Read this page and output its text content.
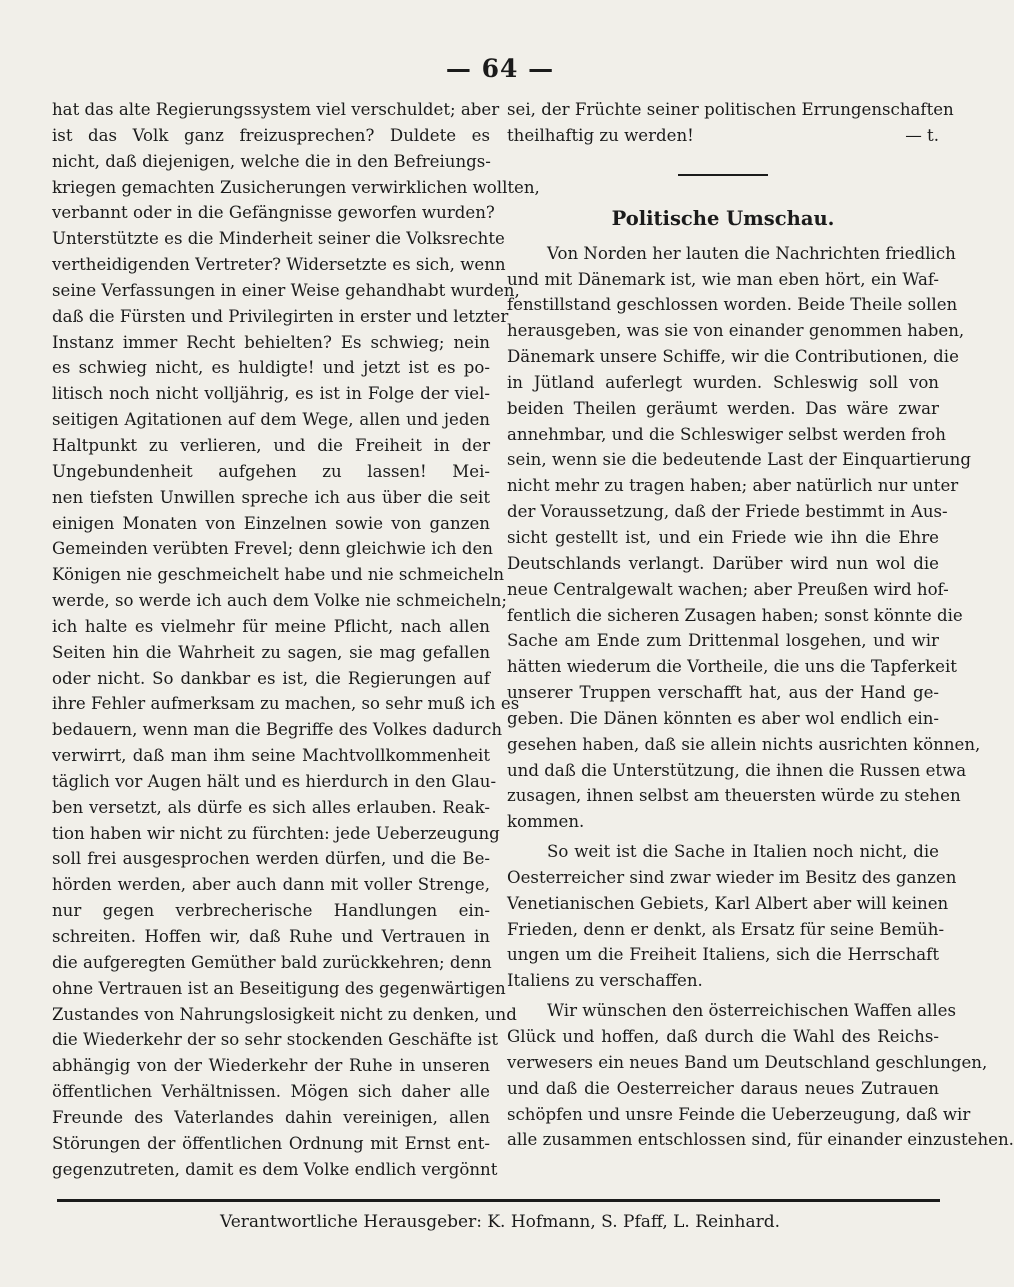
— 64 —

hat das alte Regierungssystem viel verschuldet; aber
ist das Volk ganz freizusprechen? Duldete es
nicht, daß diejenigen, welche die in den Befreiungs-
kriegen gemachten Zusicherungen verwirklichen wollten,
verbannt oder in die Gefängnisse geworfen wurden?
Unterstützte es die Minderheit seiner die Volksrechte
vertheidigenden Vertreter? Widersetzte es sich, wenn
seine Verfassungen in einer Weise gehandhabt wurden,
daß die Fürsten und Privilegirten in erster und letzter
Instanz immer Recht behielten? Es schwieg; nein
es schwieg nicht, es huldigte! und jetzt ist es po-
litisch noch nicht volljährig, es ist in Folge der viel-
seitigen Agitationen auf dem Wege, allen und jeden
Haltpunkt zu verlieren, und die Freiheit in der
Ungebundenheit aufgehen zu lassen! Mei-
nen tiefsten Unwillen spreche ich aus über die seit
einigen Monaten von Einzelnen sowie von ganzen
Gemeinden verübten Frevel; denn gleichwie ich den
Königen nie geschmeichelt habe und nie schmeicheln
werde, so werde ich auch dem Volke nie schmeicheln;
ich halte es vielmehr für meine Pflicht, nach allen
Seiten hin die Wahrheit zu sagen, sie mag gefallen
oder nicht. So dankbar es ist, die Regierungen auf
ihre Fehler aufmerksam zu machen, so sehr muß ich es
bedauern, wenn man die Begriffe des Volkes dadurch
verwirrt, daß man ihm seine Machtvollkommenheit
täglich vor Augen hält und es hierdurch in den Glau-
ben versetzt, als dürfe es sich alles erlauben. Reak-
tion haben wir nicht zu fürchten: jede Ueberzeugung
soll frei ausgesprochen werden dürfen, und die Be-
hörden werden, aber auch dann mit voller Strenge,
nur gegen verbrecherische Handlungen ein-
schreiten. Hoffen wir, daß Ruhe und Vertrauen in
die aufgeregten Gemüther bald zurückkehren; denn
ohne Vertrauen ist an Beseitigung des gegenwärtigen
Zustandes von Nahrungslosigkeit nicht zu denken, und
die Wiederkehr der so sehr stockenden Geschäfte ist
abhängig von der Wiederkehr der Ruhe in unseren
öffentlichen Verhältnissen. Mögen sich daher alle
Freunde des Vaterlandes dahin vereinigen, allen
Störungen der öffentlichen Ordnung mit Ernst ent-
gegenzutreten, damit es dem Volke endlich vergönnt

sei, der Früchte seiner politischen Errungenschaften
theilhaftig zu werden!	— t.
Politische Umschau.

Von Norden her lauten die Nachrichten friedlich
und mit Dänemark ist, wie man eben hört, ein Waf-
fenstillstand geschlossen worden. Beide Theile sollen
herausgeben, was sie von einander genommen haben,
Dänemark unsere Schiffe, wir die Contributionen, die
in Jütland auferlegt wurden. Schleswig soll von
beiden Theilen geräumt werden. Das wäre zwar
annehmbar, und die Schleswiger selbst werden froh
sein, wenn sie die bedeutende Last der Einquartierung
nicht mehr zu tragen haben; aber natürlich nur unter
der Voraussetzung, daß der Friede bestimmt in Aus-
sicht gestellt ist, und ein Friede wie ihn die Ehre
Deutschlands verlangt. Darüber wird nun wol die
neue Centralgewalt wachen; aber Preußen wird hof-
fentlich die sicheren Zusagen haben; sonst könnte die
Sache am Ende zum Drittenmal losgehen, und wir
hätten wiederum die Vortheile, die uns die Tapferkeit
unserer Truppen verschafft hat, aus der Hand ge-
geben. Die Dänen könnten es aber wol endlich ein-
gesehen haben, daß sie allein nichts ausrichten können,
und daß die Unterstützung, die ihnen die Russen etwa
zusagen, ihnen selbst am theuersten würde zu stehen
kommen.

So weit ist die Sache in Italien noch nicht, die
Oesterreicher sind zwar wieder im Besitz des ganzen
Venetianischen Gebiets, Karl Albert aber will keinen
Frieden, denn er denkt, als Ersatz für seine Bemüh-
ungen um die Freiheit Italiens, sich die Herrschaft
Italiens zu verschaffen.

Wir wünschen den österreichischen Waffen alles
Glück und hoffen, daß durch die Wahl des Reichs-
verwesers ein neues Band um Deutschland geschlungen,
und daß die Oesterreicher daraus neues Zutrauen
schöpfen und unsre Feinde die Ueberzeugung, daß wir
alle zusammen entschlossen sind, für einander einzustehen.

Verantwortliche Herausgeber: K. Hofmann, S. Pfaff, L. Reinhard.
